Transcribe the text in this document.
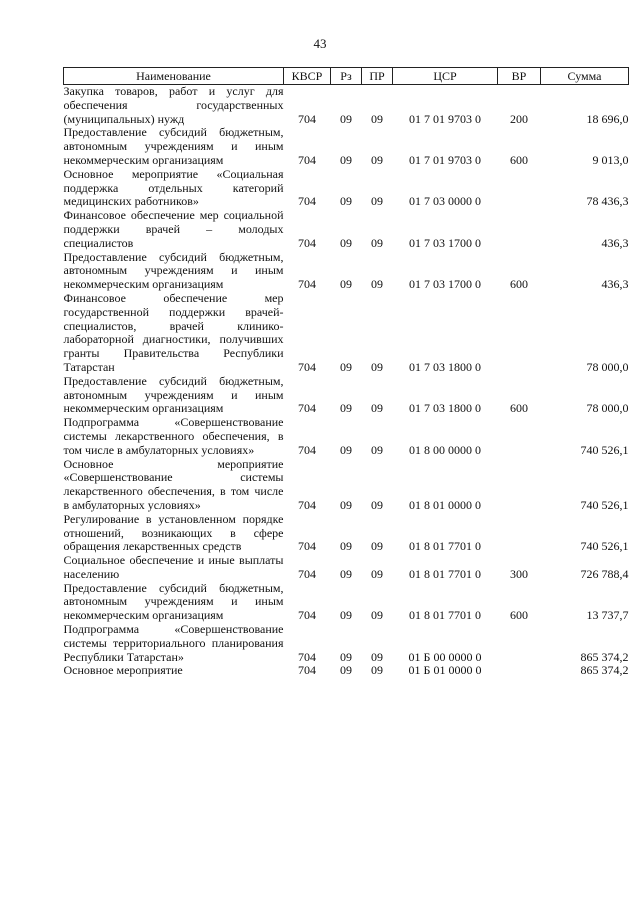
43
Наименование	КВСР	Рз	ПР	ЦСР	ВР	Сумма
Закупка товаров, работ и услуг для обеспечения государственных (муниципальных) нужд	704	09	09	01 7 01 9703 0	200	18 696,0
Предоставление субсидий бюджетным, автономным учреждениям и иным некоммерческим организациям	704	09	09	01 7 01 9703 0	600	9 013,0
Основное мероприятие «Социальная поддержка отдельных категорий медицинских работников»	704	09	09	01 7 03 0000 0		78 436,3
Финансовое обеспечение мер социальной поддержки врачей – молодых специалистов	704	09	09	01 7 03 1700 0		436,3
Предоставление субсидий бюджетным, автономным учреждениям и иным некоммерческим организациям	704	09	09	01 7 03 1700 0	600	436,3
Финансовое обеспечение мер государственной поддержки врачей-специалистов, врачей клинико-лабораторной диагностики, получивших гранты Правительства Республики Татарстан	704	09	09	01 7 03 1800 0		78 000,0
Предоставление субсидий бюджетным, автономным учреждениям и иным некоммерческим организациям	704	09	09	01 7 03 1800 0	600	78 000,0
Подпрограмма «Совершенствование системы лекарственного обеспечения, в том числе в амбулаторных условиях»	704	09	09	01 8 00 0000 0		740 526,1
Основное мероприятие «Совершенствование системы лекарственного обеспечения, в том числе в амбулаторных условиях»	704	09	09	01 8 01 0000 0		740 526,1
Регулирование в установленном порядке отношений, возникающих в сфере обращения лекарственных средств	704	09	09	01 8 01 7701 0		740 526,1
Социальное обеспечение и иные выплаты населению	704	09	09	01 8 01 7701 0	300	726 788,4
Предоставление субсидий бюджетным, автономным учреждениям и иным некоммерческим организациям	704	09	09	01 8 01 7701 0	600	13 737,7
Подпрограмма «Совершенствование системы территориального планирования Республики Татарстан»	704	09	09	01 Б 00 0000 0		865 374,2
Основное мероприятие	704	09	09	01 Б 01 0000 0		865 374,2
